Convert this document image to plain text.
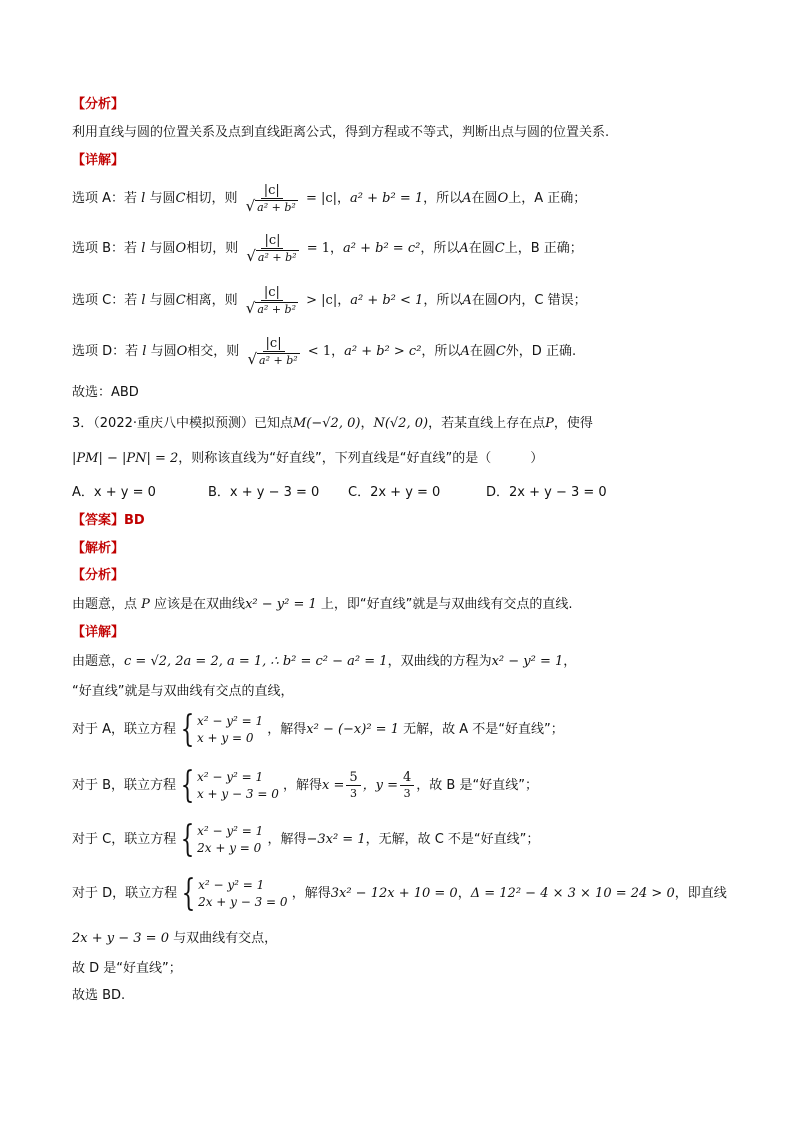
【分析】
利用直线与圆的位置关系及点到直线距离公式，得到方程或不等式，判断出点与圆的位置关系.
【详解】
选项 A：若 l 与圆C相切，则 $\frac{|c|}{\text{√ a² + b²}} = |c|$，a² + b² = 1，所以A在圆O上，A 正确；
选项 B：若 l 与圆O相切，则 $\frac{|c|}{\text{√ a² + b²}} = 1$，a² + b² = c²，所以A在圆C上，B 正确；
选项 C：若 l 与圆C相离，则 $\frac{|c|}{\text{√ a² + b²}} > |c|$，a² + b² < 1，所以A在圆O内，C 错误；
选项 D：若 l 与圆O相交，则 $\frac{|c|}{\text{√ a² + b²}} < 1$，a² + b² > c²，所以A在圆C外，D 正确.
故选：ABD
3．（2022·重庆八中模拟预测）已知点M(−√2, 0)，N(√2, 0)，若某直线上存在点P，使得
|PM| − |PN| = 2，则称该直线为“好直线”，下列直线是“好直线”的是（　　　）
A．x + y = 0	B．x + y − 3 = 0 C．2x + y = 0	D．2x + y − 3 = 0
【答案】BD
【解析】
【分析】
由题意，点 P 应该是在双曲线x² − y² = 1 上，即“好直线”就是与双曲线有交点的直线.
【详解】
由题意，c = √2, 2a = 2, a = 1, ∴ b² = c² − a² = 1，双曲线的方程为x² − y² = 1，
“好直线”就是与双曲线有交点的直线，
对于 A，联立方程 { x² − y² = 1
x + y = 0
，解得x² − (−x)² = 1 无解，故 A 不是“好直线”；
对于 B，联立方程 { x² − y² = 1
x + y − 3 = 0
，解得$x = \frac{5}{3}$ ，$y = \frac{4}{3}$ ，故 B 是“好直线”；
对于 C，联立方程 { x² − y² = 1
2x + y = 0
，解得−3x² = 1，无解，故 C 不是“好直线”；
对于 D，联立方程 { x² − y² = 1
2x + y − 3 = 0
，解得3x² − 12x + 10 = 0，Δ = 12² − 4 × 3 × 10 = 24 > 0，即直线
2x + y − 3 = 0 与双曲线有交点，
故 D 是“好直线”；
故选 BD.
